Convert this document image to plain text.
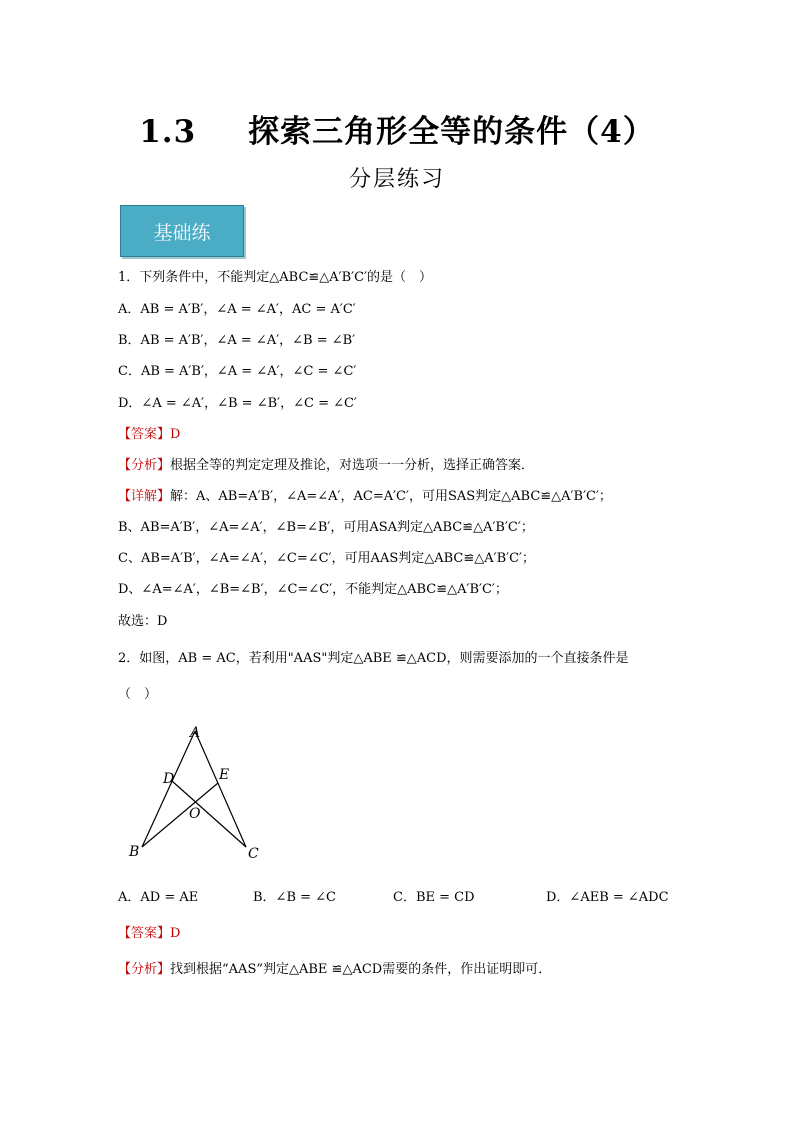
1.3 探索三角形全等的条件（4）
分层练习
基础练
1．下列条件中，不能判定△ABC≌△A′B′C′的是（　）
A．AB = A′B′，∠A = ∠A′，AC = A′C′
B．AB = A′B′，∠A = ∠A′，∠B = ∠B′
C．AB = A′B′，∠A = ∠A′，∠C = ∠C′
D．∠A = ∠A′，∠B = ∠B′，∠C = ∠C′
【答案】D
【分析】根据全等的判定定理及推论，对选项一一分析，选择正确答案．
【详解】解：A、AB=A′B′，∠A=∠A′，AC=A′C′，可用SAS判定△ABC≌△A′B′C′；
B、AB=A′B′，∠A=∠A′，∠B=∠B′，可用ASA判定△ABC≌△A′B′C′；
C、AB=A′B′，∠A=∠A′，∠C=∠C′，可用AAS判定△ABC≌△A′B′C′；
D、∠A=∠A′，∠B=∠B′，∠C=∠C′，不能判定△ABC≌△A′B′C′；
故选：D
2．如图，AB = AC，若利用"AAS"判定△ABE ≌△ACD，则需要添加的一个直接条件是
（　）
A
B	C
D	E
O
A．AD = AE	B．∠B = ∠C	C．BE = CD	D．∠AEB = ∠ADC
【答案】D
【分析】找到根据“AAS”判定△ABE ≌△ACD需要的条件，作出证明即可．
